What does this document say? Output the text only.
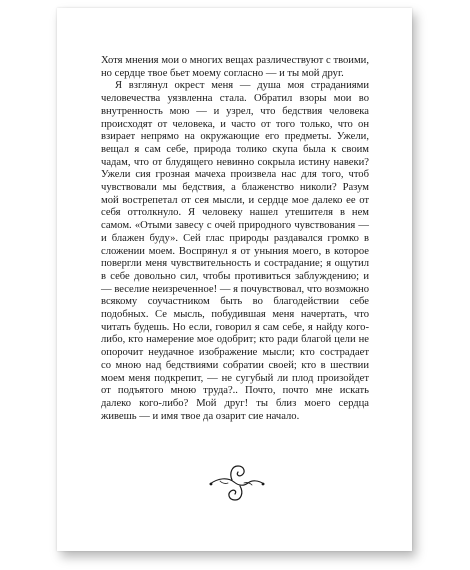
Хотя мнения мои о многих вещах различествуют с твоими, но сердце твое бьет моему согласно — и ты мой друг.

Я взглянул окрест меня — душа моя страданиями человечества уязвленна стала. Обратил взоры мои во внутренность мою — и узрел, что бедствия человека происходят от человека, и часто от того только, что он взирает непрямо на окружающие его предметы. Ужели, вещал я сам себе, природа толико скупа была к своим чадам, что от блудящего невинно сокрыла истину навеки? Ужели сия грозная мачеха произвела нас для того, чтоб чувствовали мы бедствия, а блаженство николи? Разум мой вострепетал от сея мысли, и сердце мое далеко ее от себя оттолкнуло. Я человеку нашел утешителя в нем самом. «Отыми завесу с очей природного чувствования — и блажен буду». Сей глас природы раздавался громко в сложении моем. Воспрянул я от уныния моего, в которое повергли меня чувствительность и сострадание; я ощутил в себе довольно сил, чтобы противиться заблуждению; и — веселие неизреченное! — я почувствовал, что возможно всякому соучастником быть во благодействии себе подобных. Се мысль, побудившая меня начертать, что читать будешь. Но если, говорил я сам себе, я найду кого-либо, кто намерение мое одобрит; кто ради благой цели не опорочит неудачное изображение мысли; кто сострадает со мною над бедствиями собратии своей; кто в шествии моем меня подкрепит, — не сугубый ли плод произойдет от подъятого мною труда?.. Почто, почто мне искать далеко кого-либо? Мой друг! ты близ моего сердца живешь — и имя твое да озарит сие начало.
